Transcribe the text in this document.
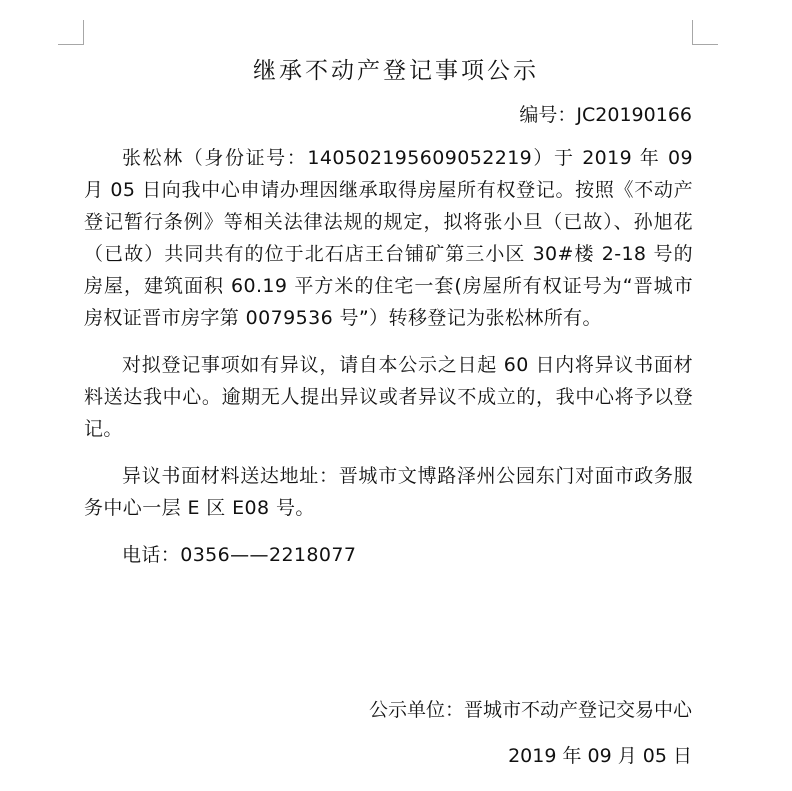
继承不动产登记事项公示
编号：JC20190166

张松林（身份证号：140502195609052219）于 2019 年 09 月 05 日向我中心申请办理因继承取得房屋所有权登记。按照《不动产登记暂行条例》等相关法律法规的规定，拟将张小旦（已故）、孙旭花（已故）共同共有的位于北石店王台铺矿第三小区 30#楼 2-18 号的房屋，建筑面积 60.19 平方米的住宅一套(房屋所有权证号为“晋城市房权证晋市房字第 0079536 号”）转移登记为张松林所有。

对拟登记事项如有异议，请自本公示之日起 60 日内将异议书面材料送达我中心。逾期无人提出异议或者异议不成立的，我中心将予以登记。

异议书面材料送达地址：晋城市文博路泽州公园东门对面市政务服务中心一层 E 区 E08 号。

电话：0356——2218077

公示单位：晋城市不动产登记交易中心
2019 年 09 月 05 日
